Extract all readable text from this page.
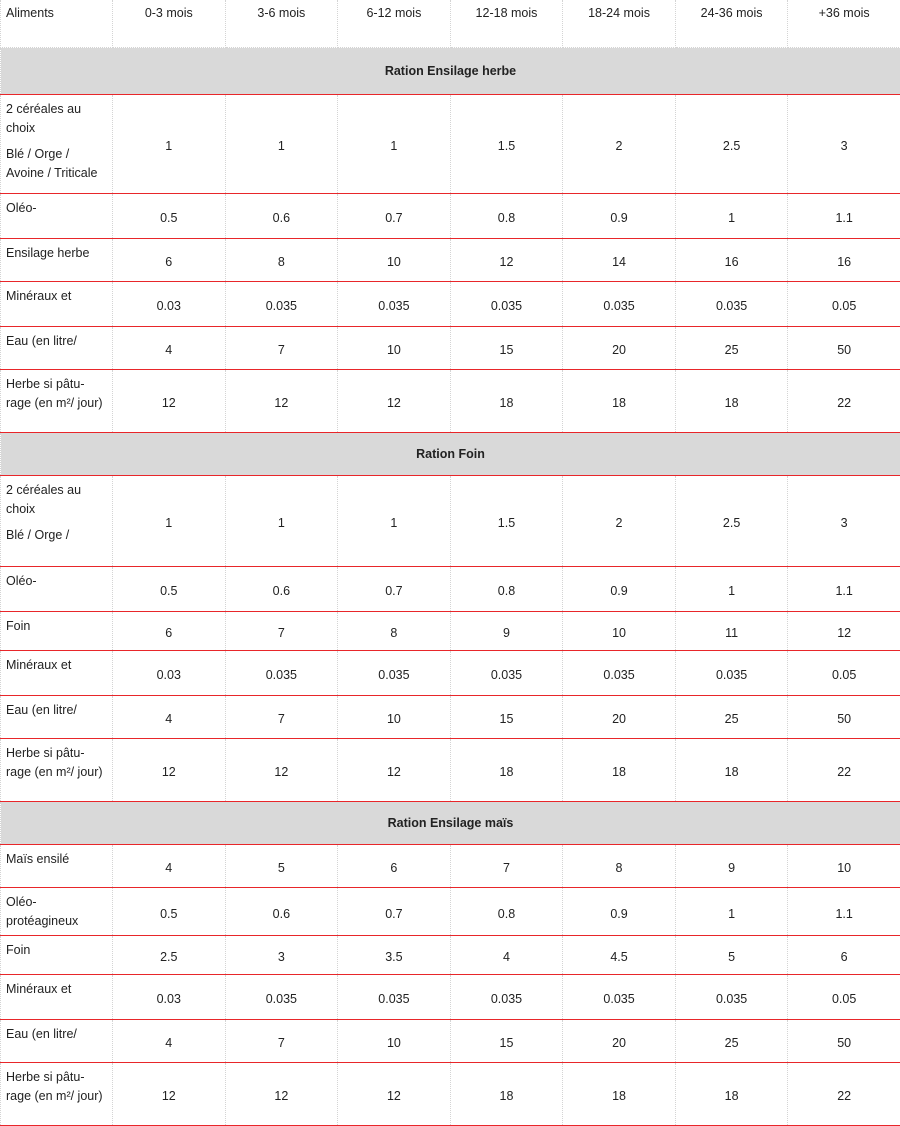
Aliments	0-3 mois	3-6 mois	6-12 mois	12-18 mois	18-24 mois	24-36 mois	+36 mois
Ration Ensilage herbe							

2 céréales au choix
Blé / Orge / Avoine / Triticale	1	1	1	1.5	2	2.5	3

Oléo-	0.5	0.6	0.7	0.8	0.9	1	1.1

Ensilage herbe	6	8	10	12	14	16	16

Minéraux et	0.03	0.035	0.035	0.035	0.035	0.035	0.05

Eau (en litre/	4	7	10	15	20	25	50

Herbe si pâtu-rage (en m²/ jour)	12	12	12	18	18	18	22
Ration Foin							

2 céréales au choix
Blé / Orge /	1	1	1	1.5	2	2.5	3

Oléo-	0.5	0.6	0.7	0.8	0.9	1	1.1

Foin	6	7	8	9	10	11	12

Minéraux et	0.03	0.035	0.035	0.035	0.035	0.035	0.05

Eau (en litre/	4	7	10	15	20	25	50

Herbe si pâtu-rage (en m²/ jour)	12	12	12	18	18	18	22
Ration Ensilage maïs							

Maïs ensilé	4	5	6	7	8	9	10

Oléo-protéagineux	0.5	0.6	0.7	0.8	0.9	1	1.1

Foin	2.5	3	3.5	4	4.5	5	6

Minéraux et	0.03	0.035	0.035	0.035	0.035	0.035	0.05

Eau (en litre/	4	7	10	15	20	25	50

Herbe si pâtu-rage (en m²/ jour)	12	12	12	18	18	18	22
